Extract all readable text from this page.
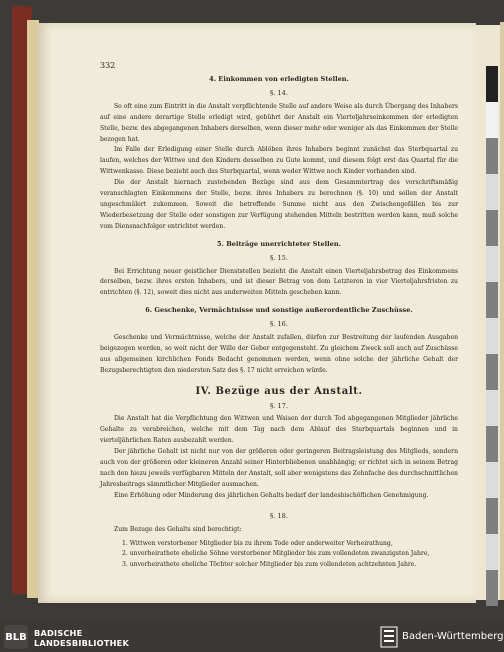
332

4. Einkommen von erledigten Stellen.

§. 14.

So oft eine zum Eintritt in die Anstalt verpflichtende Stelle auf andere Weise als durch Übergang des Inhabers auf eine andere derartige Stelle erledigt wird, gebührt der Anstalt ein Vierteljahrseinkommen der erledigten Stelle, bezw. des abgegangenen Inhabers derselben, wenn dieser mehr oder weniger als das Einkommen der Stelle bezogen hat.

Im Falle der Erledigung einer Stelle durch Ablöben ihres Inhabers beginnt zunächst das Sterbquartal zu laufen, welches der Wittwe und den Kindern desselben zu Gute kommt, und diesem folgt erst das Quartal für die Wittwenkasse. Diese bezieht auch das Sterbquartal, wenn weder Wittwe noch Kinder vorhanden sind.

Die der Anstalt hiernach zustehenden Bezüge sind aus dem Gesammtertrag des vorschriftsmäßig veranschlagten Einkommens der Stelle, bezw. ihres Inhabers zu berechnen (§. 10) und sollen der Anstalt ungeschmälert zukommen. Soweit die betreffende Summe nicht aus den Zwischengefällen bis zur Wiederbesetzung der Stelle oder sonstigen zur Verfügung stehenden Mitteln bestritten werden kann, muß solche vom Diensnachfolger entrichtet werden.

5. Beiträge unerrichteter Stellen.

§. 15.

Bei Errichtung neuer geistlicher Dienststellen bezieht die Anstalt einen Vierteljahrsbetrag des Einkommens derselben, bezw. ihres ersten Inhabers, und ist dieser Betrag von dem Letzteren in vier Vierteljahrsfristen zu entrichten (§. 12), soweit dies nicht aus anderweiten Mitteln geschehen kann.

6. Geschenke, Vermächtnisse und sonstige außerordentliche Zuschüsse.

§. 16.

Geschenke und Vermächtnisse, welche der Anstalt zufallen, dürfen zur Bestreitung der laufenden Ausgaben beigezogen werden, so weit nicht der Wille der Geber entgegensteht. Zu gleichem Zweck soll auch auf Zuschüsse aus allgemeinen kirchlichen Fonds Bedacht genommen werden, wenn ohne solche der jährliche Gehalt der Bezugsberechtigten den niedersten Satz des §. 17 nicht erreichen würde.

IV. Bezüge aus der Anstalt.

§. 17.

Die Anstalt hat die Verpflichtung den Wittwen und Waisen der durch Tod abgegangenen Mitglieder jährliche Gehalte zu verabreichen, welche mit dem Tag nach dem Ablauf des Sterbquartals beginnen und in vierteljährlichen Raten ausbezahlt werden.

Der jährliche Gehalt ist nicht nur von der größeren oder geringeren Beitragsleistung des Mitglieds, sondern auch von der größeren oder kleineren Anzahl seiner Hinterbliebenen unabhängig; er richtet sich in seinem Betrag nach den hiezu jeweils verfügbaren Mitteln der Anstalt, soll aber wenigstens das Zehnfache des durchschnittlichen Jahresbeitrags sämmtlicher Mitglieder ausmachen.

Eine Erhöhung oder Minderung des jährlichen Gehalts bedarf der landesbischöflichen Genehmigung.

§. 18.

Zum Bezuge des Gehalts sind berechtigt:

1. Wittwen verstorbener Mitglieder bis zu ihrem Tode oder anderweiter Verheirathung,
2. unverheirathete eheliche Söhne verstorbener Mitglieder bis zum vollendeten zwanzigsten Jahre,
3. unverheirathete eheliche Töchter solcher Mitglieder bis zum vollendeten achtzehnten Jahre.
BLB BADISCHE
LANDESBIBLIOTHEK
Baden-Württemberg
